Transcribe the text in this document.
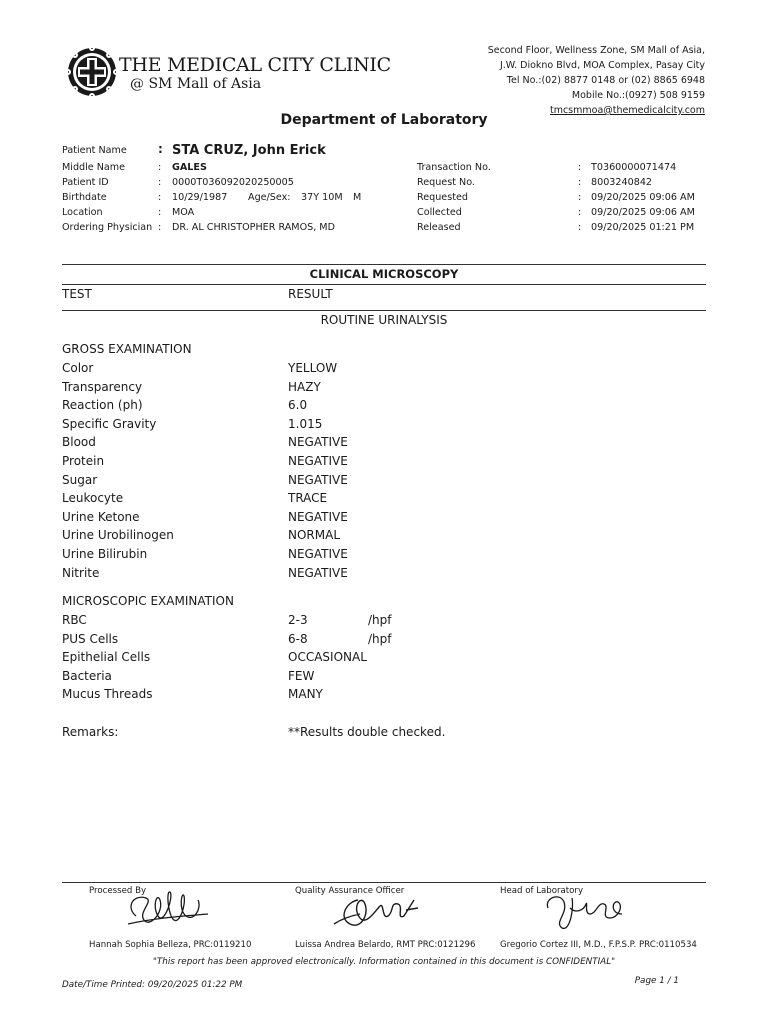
THE MEDICAL CITY CLINIC
@ SM Mall of Asia
Second Floor, Wellness Zone, SM Mall of Asia,
J.W. Diokno Blvd, MOA Complex, Pasay City
Tel No.:(02) 8877 0148 or (02) 8865 6948
Mobile No.:(0927) 508 9159
tmcsmmoa@themedicalcity.com
Department of Laboratory
Patient Name	: STA CRUZ, John Erick
Middle Name	: GALES
Patient ID	: 0000T036092020250005
Birthdate	: 10/29/1987 Age/Sex: 37Y 10M M
Location	: MOA
Ordering Physician : DR. AL CHRISTOPHER RAMOS, MD
Transaction No.	: T0360000071474
Request No.	: 8003240842
Requested	: 09/20/2025 09:06 AM
Collected	: 09/20/2025 09:06 AM
Released	: 09/20/2025 01:21 PM
CLINICAL MICROSCOPY
TEST	RESULT
ROUTINE URINALYSIS
GROSS EXAMINATION
Color	YELLOW
Transparency	HAZY
Reaction (ph)	6.0
Specific Gravity	1.015
Blood	NEGATIVE
Protein	NEGATIVE
Sugar	NEGATIVE
Leukocyte	TRACE
Urine Ketone	NEGATIVE
Urine Urobilinogen	NORMAL
Urine Bilirubin	NEGATIVE
Nitrite	NEGATIVE
MICROSCOPIC EXAMINATION
RBC	2-3	/hpf
PUS Cells	6-8	/hpf
Epithelial Cells	OCCASIONAL
Bacteria	FEW
Mucus Threads	MANY
Remarks:	**Results double checked.
Processed By
Hannah Sophia Belleza, PRC:0119210
Quality Assurance Officer
Luissa Andrea Belardo, RMT PRC:0121296
Head of Laboratory
Gregorio Cortez III, M.D., F.P.S.P. PRC:0110534
"This report has been approved electronically. Information contained in this document is CONFIDENTIAL"
Date/Time Printed: 09/20/2025 01:22 PM	Page 1 / 1
